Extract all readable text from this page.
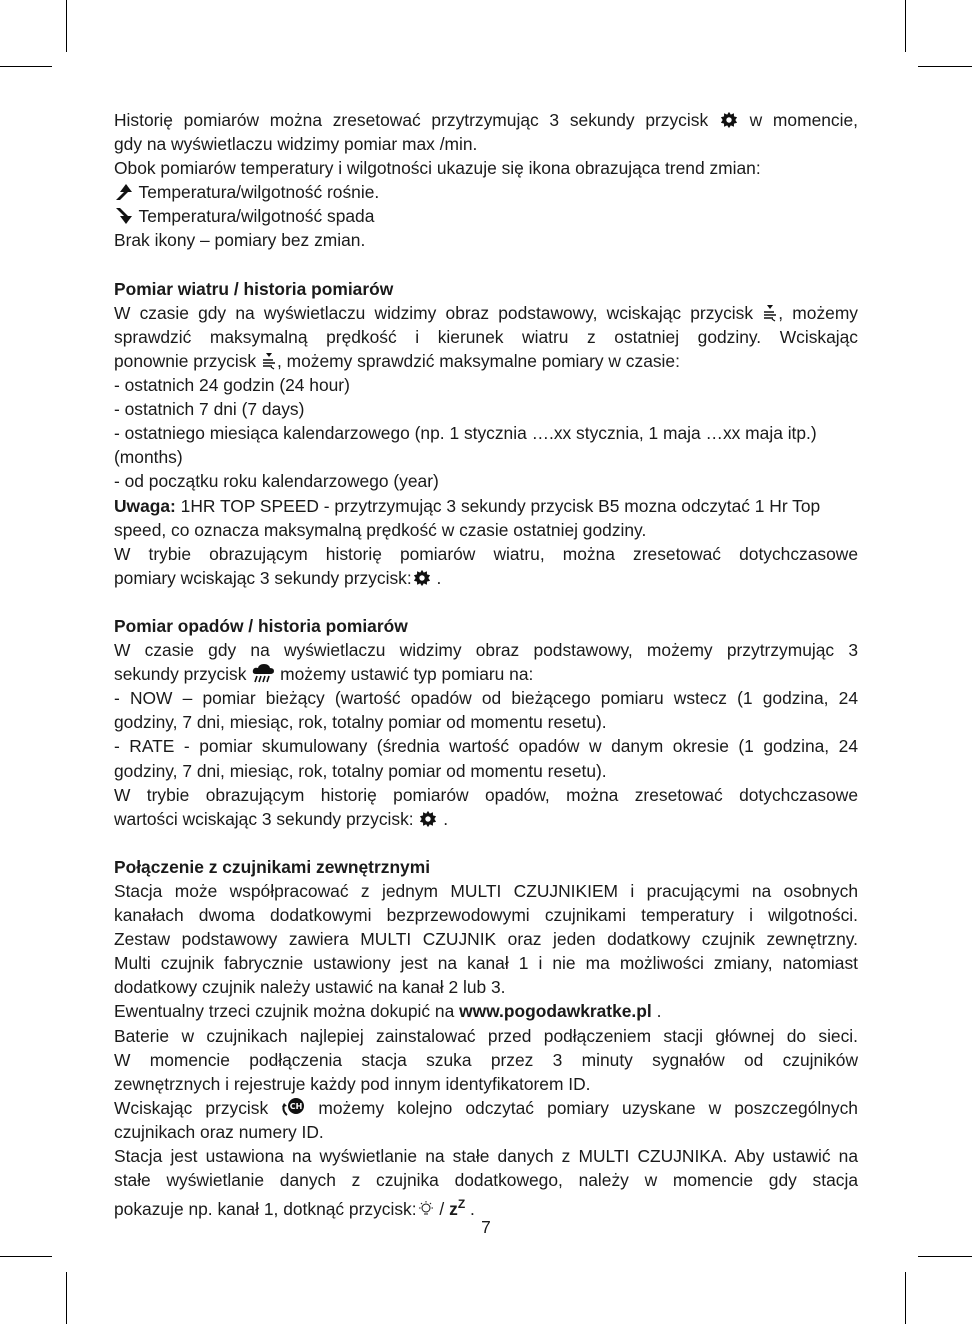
Historię pomiarów można zresetować przytrzymując 3 sekundy przycisk w momencie,
gdy na wyświetlaczu widzimy pomiar max /min.
Obok pomiarów temperatury i wilgotności ukazuje się ikona obrazująca trend zmian:
Temperatura/wilgotność rośnie.
Temperatura/wilgotność spada
Brak ikony – pomiary bez zmian.
Pomiar wiatru / historia pomiarów
W czasie gdy na wyświetlaczu widzimy obraz podstawowy, wciskając przycisk , możemy
sprawdzić maksymalną prędkość i kierunek wiatru z ostatniej godziny. Wciskając
ponownie przycisk , możemy sprawdzić maksymalne pomiary w czasie:
- ostatnich 24 godzin (24 hour)
- ostatnich 7 dni (7 days)
- ostatniego miesiąca kalendarzowego (np. 1 stycznia ….xx stycznia, 1 maja …xx maja itp.)
(months)
- od początku roku kalendarzowego (year)
Uwaga: 1HR TOP SPEED - przytrzymując 3 sekundy przycisk B5 mozna odczytać 1 Hr Top
speed, co oznacza maksymalną prędkość w czasie ostatniej godziny.
W trybie obrazującym historię pomiarów wiatru, można zresetować dotychczasowe
pomiary wciskając 3 sekundy przycisk: .
Pomiar opadów / historia pomiarów
W czasie gdy na wyświetlaczu widzimy obraz podstawowy, możemy przytrzymując 3
sekundy przycisk możemy ustawić typ pomiaru na:
- NOW – pomiar bieżący (wartość opadów od bieżącego pomiaru wstecz (1 godzina, 24
godziny, 7 dni, miesiąc, rok, totalny pomiar od momentu resetu).
- RATE - pomiar skumulowany (średnia wartość opadów w danym okresie (1 godzina, 24
godziny, 7 dni, miesiąc, rok, totalny pomiar od momentu resetu).
W trybie obrazującym historię pomiarów opadów, można zresetować dotychczasowe
wartości wciskając 3 sekundy przycisk: .
Połączenie z czujnikami zewnętrznymi
Stacja może współpracować z jednym MULTI CZUJNIKIEM i pracującymi na osobnych
kanałach dwoma dodatkowymi bezprzewodowymi czujnikami temperatury i wilgotności.
Zestaw podstawowy zawiera MULTI CZUJNIK oraz jeden dodatkowy czujnik zewnętrzny.
Multi czujnik fabrycznie ustawiony jest na kanał 1 i nie ma możliwości zmiany, natomiast
dodatkowy czujnik należy ustawić na kanał 2 lub 3.
Ewentualny trzeci czujnik można dokupić na www.pogodawkratke.pl .
Baterie w czujnikach najlepiej zainstalować przed podłączeniem stacji głównej do sieci.
W momencie podłączenia stacja szuka przez 3 minuty sygnałów od czujników
zewnętrznych i rejestruje każdy pod innym identyfikatorem ID.
Wciskając przycisk	CH możemy kolejno odczytać pomiary uzyskane w poszczególnych
czujnikach oraz numery ID.
Stacja jest ustawiona na wyświetlanie na stałe danych z MULTI CZUJNIKA. Aby ustawić na
stałe wyświetlanie danych z czujnika dodatkowego, należy w momencie gdy stacja
pokazuje np. kanał 1, dotknąć przycisk: / $z^Z$ .
7
